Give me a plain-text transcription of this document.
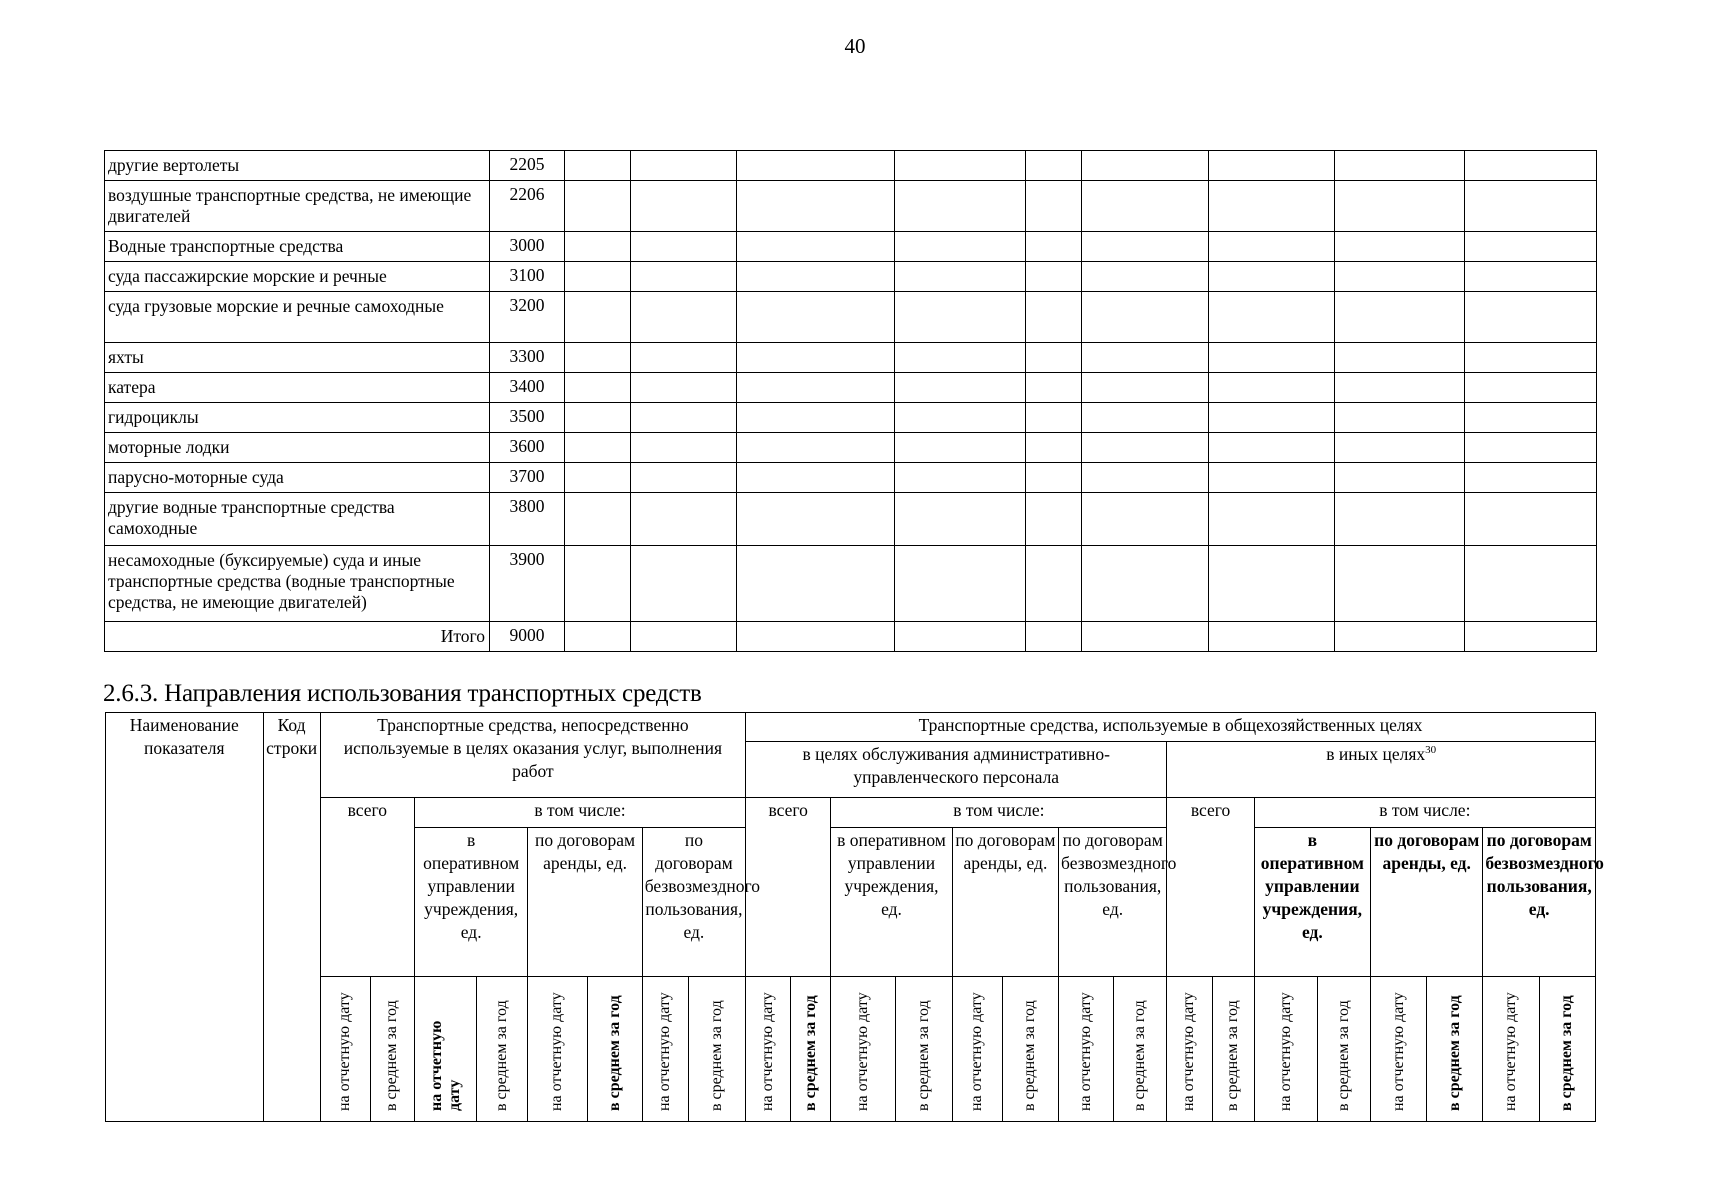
40
другие вертолеты	2205									
воздушные транспортные средства, не имеющие двигателей	2206									
Водные транспортные средства	3000									
суда пассажирские морские и речные	3100									
суда грузовые морские и речные самоходные	3200									
яхты	3300									
катера	3400									
гидроциклы	3500									
моторные лодки	3600									
парусно-моторные суда	3700									
другие водные транспортные средства самоходные	3800									
несамоходные (буксируемые) суда и иные транспортные средства (водные транспортные средства, не имеющие двигателей)	3900									
Итого	9000									
2.6.3. Направления использования транспортных средств
Наименование показателя	Код строки	Транспортные средства, непосредственно используемые в целях оказания услуг, выполнения работ								Транспортные средства, используемые в общехозяйственных целях															
										в целях обслуживания административно-управленческого персонала								в иных целях$^{30}$
		всего		в том числе:						всего		в том числе:						всего		в том числе:					
				в оперативном управлении учреждения, ед.		по договорам аренды, ед.		по договорам безвозмездного пользования, ед.				в оперативном управлении учреждения, ед.		по договорам аренды, ед.		по договорам безвозмездного пользования, ед.				в оперативном управлении учреждения, ед.		по договорам аренды, ед.		по договорам безвозмездного пользования, ед.	

		на отчетную дату	в среднем за год	на отчетную дату	в среднем за год	на отчетную дату	в среднем за год	на отчетную дату	в среднем за год	на отчетную дату	в среднем за год	на отчетную дату	в среднем за год	на отчетную дату	в среднем за год	на отчетную дату	в среднем за год	на отчетную дату	в среднем за год	на отчетную дату	в среднем за год	на отчетную дату	в среднем за год	на отчетную дату	в среднем за год
